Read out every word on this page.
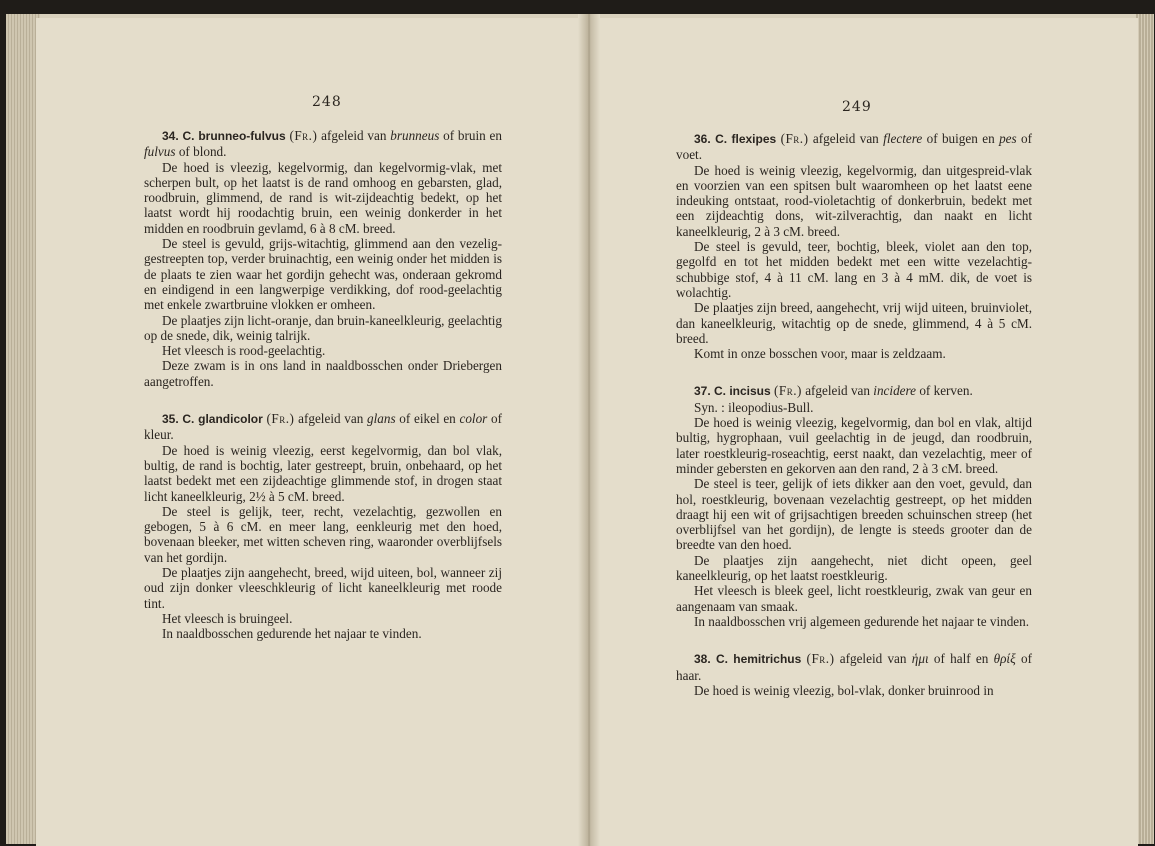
248	249

34. C. brunneo-fulvus (Fr.) afgeleid van brunneus of bruin en fulvus of blond.

De hoed is vleezig, kegelvormig, dan kegelvormig-vlak, met scherpen bult, op het laatst is de rand omhoog en gebarsten, glad, roodbruin, glimmend, de rand is wit-zijdeachtig bedekt, op het laatst wordt hij roodachtig bruin, een weinig donkerder in het midden en roodbruin gevlamd, 6 à 8 cM. breed.

De steel is gevuld, grijs-witachtig, glimmend aan den vezelig-gestreepten top, verder bruinachtig, een weinig onder het midden is de plaats te zien waar het gordijn gehecht was, onderaan gekromd en eindigend in een langwerpige verdikking, dof rood-geelachtig met enkele zwartbruine vlokken er omheen.

De plaatjes zijn licht-oranje, dan bruin-kaneelkleurig, geelachtig op de snede, dik, weinig talrijk.

Het vleesch is rood-geelachtig.

Deze zwam is in ons land in naaldbosschen onder Driebergen aangetroffen.

35. C. glandicolor (Fr.) afgeleid van glans of eikel en color of kleur.

De hoed is weinig vleezig, eerst kegelvormig, dan bol vlak, bultig, de rand is bochtig, later gestreept, bruin, onbehaard, op het laatst bedekt met een zijdeachtige glimmende stof, in drogen staat licht kaneelkleurig, 2½ à 5 cM. breed.

De steel is gelijk, teer, recht, vezelachtig, gezwollen en gebogen, 5 à 6 cM. en meer lang, eenkleurig met den hoed, bovenaan bleeker, met witten scheven ring, waaronder overblijfsels van het gordijn.

De plaatjes zijn aangehecht, breed, wijd uiteen, bol, wanneer zij oud zijn donker vleeschkleurig of licht kaneelkleurig met roode tint.

Het vleesch is bruingeel.

In naaldbosschen gedurende het najaar te vinden.

36. C. flexipes (Fr.) afgeleid van flectere of buigen en pes of voet.

De hoed is weinig vleezig, kegelvormig, dan uitgespreid-vlak en voorzien van een spitsen bult waaromheen op het laatst eene indeuking ontstaat, rood-violetachtig of donkerbruin, bedekt met een zijdeachtig dons, wit-zilverachtig, dan naakt en licht kaneelkleurig, 2 à 3 cM. breed.

De steel is gevuld, teer, bochtig, bleek, violet aan den top, gegolfd en tot het midden bedekt met een witte vezelachtig-schubbige stof, 4 à 11 cM. lang en 3 à 4 mM. dik, de voet is wolachtig.

De plaatjes zijn breed, aangehecht, vrij wijd uiteen, bruinviolet, dan kaneelkleurig, witachtig op de snede, glimmend, 4 à 5 cM. breed.

Komt in onze bosschen voor, maar is zeldzaam.

37. C. incisus (Fr.) afgeleid van incidere of kerven.

Syn. : ileopodius-Bull.

De hoed is weinig vleezig, kegelvormig, dan bol en vlak, altijd bultig, hygrophaan, vuil geelachtig in de jeugd, dan roodbruin, later roestkleurig-roseachtig, eerst naakt, dan vezelachtig, meer of minder gebersten en gekorven aan den rand, 2 à 3 cM. breed.

De steel is teer, gelijk of iets dikker aan den voet, gevuld, dan hol, roestkleurig, bovenaan vezelachtig gestreept, op het midden draagt hij een wit of grijsachtigen breeden schuinschen streep (het overblijfsel van het gordijn), de lengte is steeds grooter dan de breedte van den hoed.

De plaatjes zijn aangehecht, niet dicht opeen, geel kaneelkleurig, op het laatst roestkleurig.

Het vleesch is bleek geel, licht roestkleurig, zwak van geur en aangenaam van smaak.

In naaldbosschen vrij algemeen gedurende het najaar te vinden.

38. C. hemitrichus (Fr.) afgeleid van ἡμι of half en θρίξ of haar.

De hoed is weinig vleezig, bol-vlak, donker bruinrood in
